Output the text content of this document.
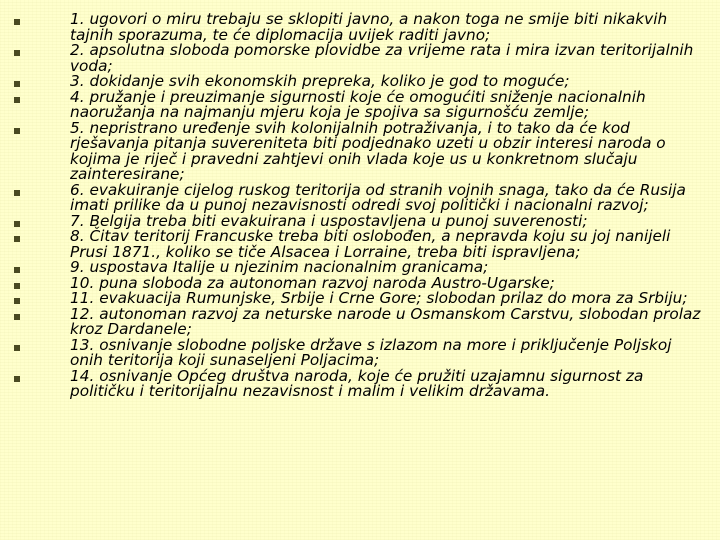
1. ugovori o miru trebaju se sklopiti javno, a nakon toga ne smije biti nikakvih tajnih sporazuma, te će diplomacija uvijek raditi javno;
2. apsolutna sloboda pomorske plovidbe za vrijeme rata i mira izvan teritorijalnih voda;
3. dokidanje svih ekonomskih prepreka, koliko je god to moguće;
4. pružanje i preuzimanje sigurnosti koje će omogućiti sniženje nacionalnih naoružanja na najmanju mjeru koja je spojiva sa sigurnošću zemlje;
5. nepristrano uređenje svih kolonijalnih potraživanja, i to tako da će kod rješavanja pitanja suvereniteta biti podjednako uzeti u obzir interesi naroda o kojima je riječ i pravedni zahtjevi onih vlada koje us u konkretnom slučaju zainteresirane;
6. evakuiranje cijelog ruskog teritorija od stranih vojnih snaga, tako da će Rusija imati prilike da u punoj nezavisnosti odredi svoj politički i nacionalni razvoj;
7. Belgija treba biti evakuirana i uspostavljena u punoj suverenosti;
8. Čitav teritorij Francuske treba biti oslobođen, a nepravda koju su joj nanijeli Prusi 1871., koliko se tiče Alsacea i Lorraine, treba biti ispravljena;
9. uspostava Italije u njezinim nacionalnim granicama;
10. puna sloboda za autonoman razvoj naroda Austro-Ugarske;
11. evakuacija Rumunjske, Srbije i Crne Gore; slobodan prilaz do mora za Srbiju;
12. autonoman razvoj za neturske narode u Osmanskom Carstvu, slobodan prolaz kroz Dardanele;
13. osnivanje slobodne poljske države s izlazom na more i priključenje Poljskoj onih teritorija koji sunaseljeni Poljacima;
14. osnivanje Općeg društva naroda, koje će pružiti uzajamnu sigurnost za političku i teritorijalnu nezavisnost i malim i velikim državama.
